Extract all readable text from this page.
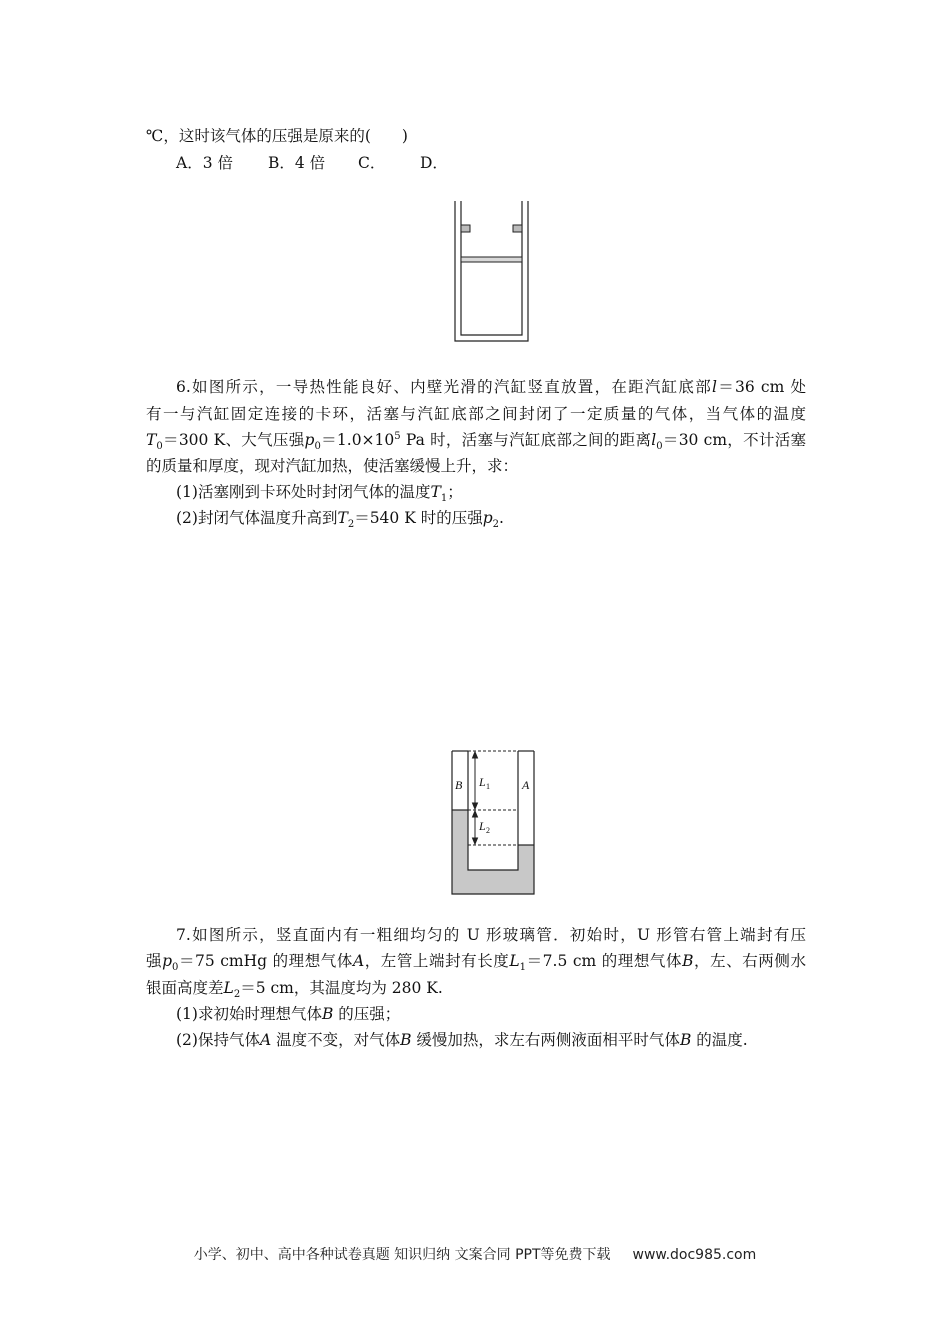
℃，这时该气体的压强是原来的(　　)
A．3 倍 B．4 倍 C． D．
6.如图所示，一导热性能良好、内壁光滑的汽缸竖直放置，在距汽缸底部l＝36 cm 处
有一与汽缸固定连接的卡环，活塞与汽缸底部之间封闭了一定质量的气体，当气体的温度
$T_0=300$ K、大气压强$p_0=1.0\times 10^5$ Pa 时，活塞与汽缸底部之间的距离$l_0=30$ cm，不计活塞
的质量和厚度，现对汽缸加热，使活塞缓慢上升，求：
(1)活塞刚到卡环处时封闭气体的温度$T_1$；
(2)封闭气体温度升高到$T_2=540$ K 时的压强$p_2$.
B	A
L
L
1
2
7.如图所示，竖直面内有一粗细均匀的 U 形玻璃管．初始时，U 形管右管上端封有压
强$p_0=75$ cmHg 的理想气体A，左管上端封有长度$L_1=7.5$ cm 的理想气体B，左、右两侧水
银面高度差$L_2=5$ cm，其温度均为 280 K.
(1)求初始时理想气体B 的压强；
(2)保持气体A 温度不变，对气体B 缓慢加热，求左右两侧液面相平时气体B 的温度.
小学、初中、高中各种试卷真题 知识归纳 文案合同 PPT等免费下载 www.doc985.com
